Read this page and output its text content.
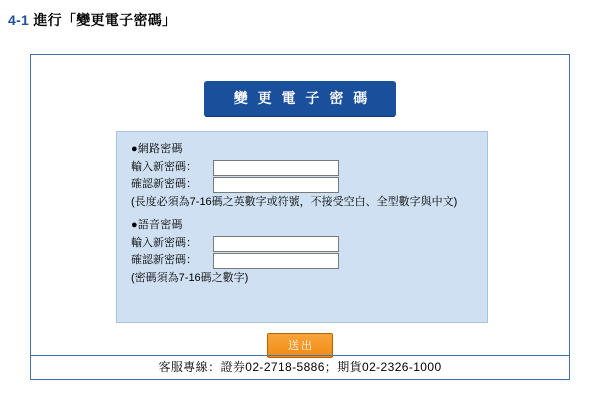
4-1 進行「變更電子密碼」
變 更 電 子 密 碼
●網路密碼
輸入新密碼：
確認新密碼：
(長度必須為7-16碼之英數字或符號，不接受空白、全型數字與中文)
●語音密碼
輸入新密碼：
確認新密碼：
(密碼須為7-16碼之數字)
送出
客服專線：證券02-2718-5886；期貨02-2326-1000
